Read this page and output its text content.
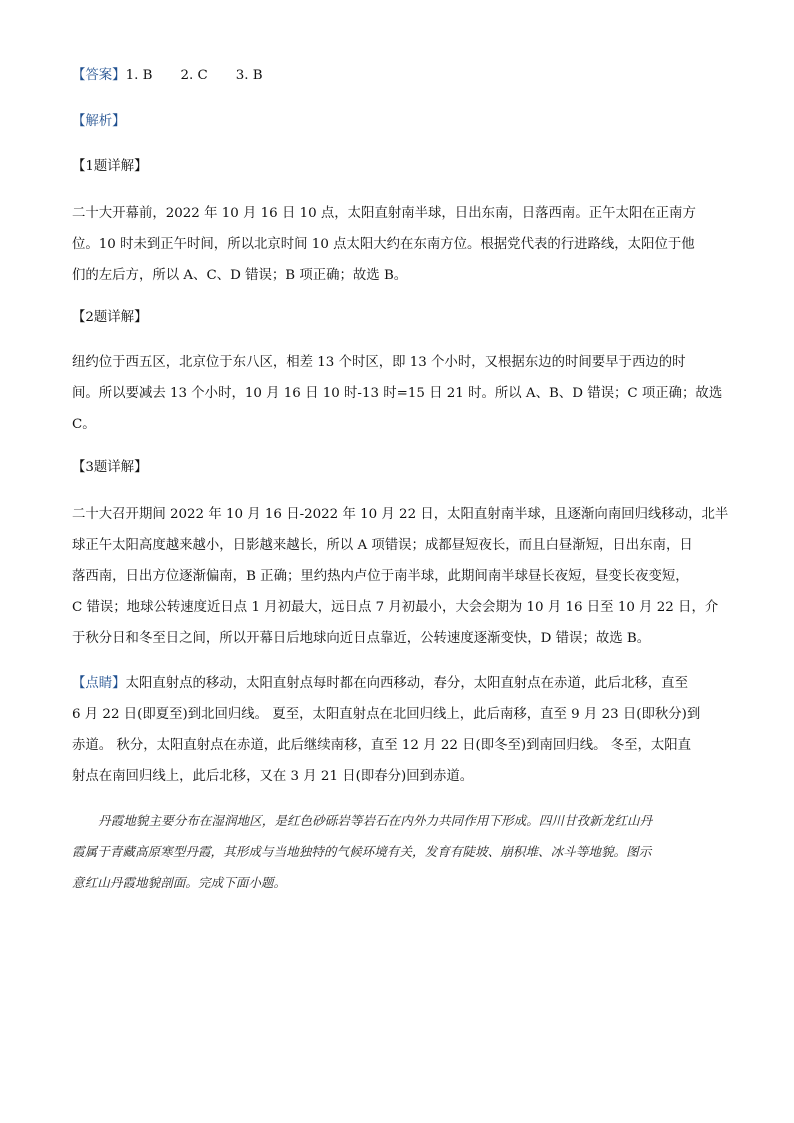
【答案】1. B 2. C 3. B
【解析】
【1题详解】

二十大开幕前，2022 年 10 月 16 日 10 点，太阳直射南半球，日出东南，日落西南。正午太阳在正南方

位。10 时未到正午时间，所以北京时间 10 点太阳大约在东南方位。根据党代表的行进路线，太阳位于他

们的左后方，所以 A、C、D 错误；B 项正确；故选 B。

【2题详解】

纽约位于西五区，北京位于东八区，相差 13 个时区，即 13 个小时，又根据东边的时间要早于西边的时

间。所以要减去 13 个小时，10 月 16 日 10 时-13 时=15 日 21 时。所以 A、B、D 错误；C 项正确；故选

C。

【3题详解】

二十大召开期间 2022 年 10 月 16 日-2022 年 10 月 22 日，太阳直射南半球，且逐渐向南回归线移动，北半

球正午太阳高度越来越小，日影越来越长，所以 A 项错误；成都昼短夜长，而且白昼渐短，日出东南，日

落西南，日出方位逐渐偏南，B 正确；里约热内卢位于南半球，此期间南半球昼长夜短，昼变长夜变短，

C 错误；地球公转速度近日点 1 月初最大，远日点 7 月初最小，大会会期为 10 月 16 日至 10 月 22 日，介

于秋分日和冬至日之间，所以开幕日后地球向近日点靠近，公转速度逐渐变快，D 错误；故选 B。

【点睛】太阳直射点的移动，太阳直射点每时都在向西移动，春分，太阳直射点在赤道，此后北移，直至

6 月 22 日(即夏至)到北回归线。 夏至，太阳直射点在北回归线上，此后南移，直至 9 月 23 日(即秋分)到

赤道。 秋分，太阳直射点在赤道，此后继续南移，直至 12 月 22 日(即冬至)到南回归线。 冬至，太阳直

射点在南回归线上，此后北移，又在 3 月 21 日(即春分)回到赤道。

丹霞地貌主要分布在湿润地区，是红色砂砾岩等岩石在内外力共同作用下形成。四川甘孜新龙红山丹

霞属于青藏高原寒型丹霞，其形成与当地独特的气候环境有关，发育有陡坡、崩积堆、冰斗等地貌。图示

意红山丹霞地貌剖面。完成下面小题。
